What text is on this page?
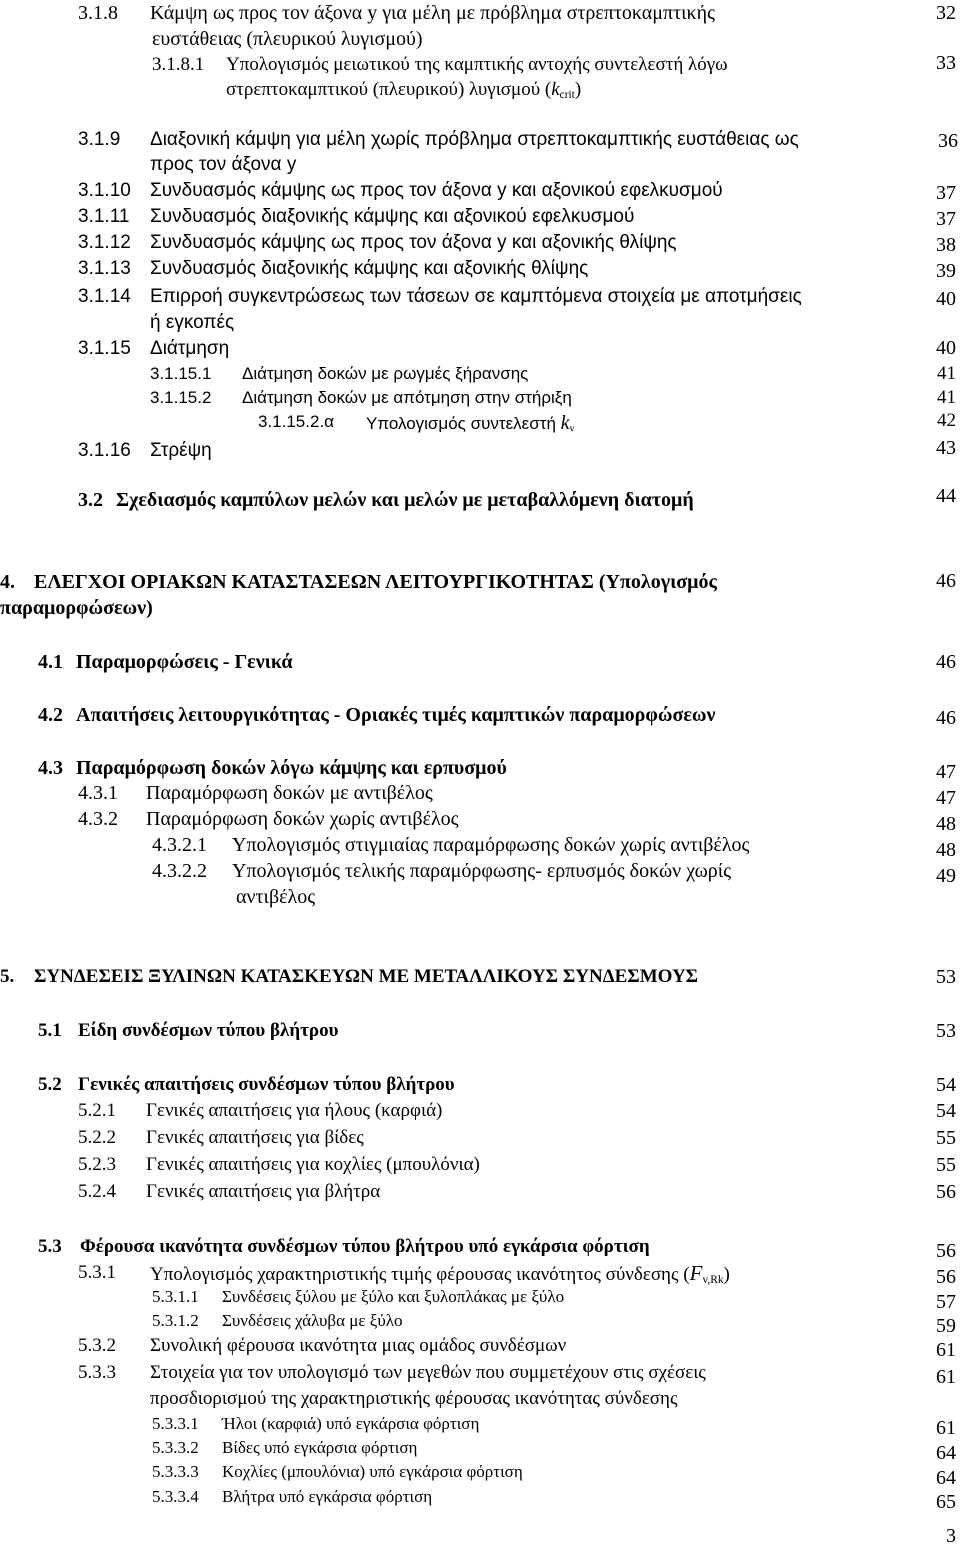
3.1.8 Κάμψη ως προς τον άξονα y για μέλη με πρόβλημα στρεπτοκαμπτικής
ευστάθειας (πλευρικού λυγισμού)
32
3.1.8.1 Υπολογισμός μειωτικού της καμπτικής αντοχής συντελεστή λόγω
στρεπτοκαμπτικού (πλευρικού) λυγισμού $(k_{crit})$
33
3.1.9 Διαξονική κάμψη για μέλη χωρίς πρόβλημα στρεπτοκαμπτικής ευστάθειας ως
προς τον άξονα y
36
3.1.10 Συνδυασμός κάμψης ως προς τον άξονα y και αξονικού εφελκυσμού	37
3.1.11 Συνδυασμός διαξονικής κάμψης και αξονικού εφελκυσμού	37
3.1.12 Συνδυασμός κάμψης ως προς τον άξονα y και αξονικής θλίψης	38
3.1.13 Συνδυασμός διαξονικής κάμψης και αξονικής θλίψης	39
3.1.14 Επιρροή συγκεντρώσεως των τάσεων σε καμπτόμενα στοιχεία με αποτμήσεις
ή εγκοπές
40
3.1.15 Διάτμηση	40
3.1.15.1 Διάτμηση δοκών με ρωγμές ξήρανσης	41
3.1.15.2 Διάτμηση δοκών με απότμηση στην στήριξη	41
3.1.15.2.α Υπολογισμός συντελεστή $k_v$	42
3.1.16 Στρέψη	43
3.2 Σχεδιασμός καμπύλων μελών και μελών με μεταβαλλόμενη διατομή	44
4. ΕΛΕΓΧΟΙ ΟΡΙΑΚΩΝ ΚΑΤΑΣΤΑΣΕΩΝ ΛΕΙΤΟΥΡΓΙΚΟΤΗΤΑΣ (Υπολογισμός
παραμορφώσεων)
46
4.1 Παραμορφώσεις - Γενικά	46
4.2 Απαιτήσεις λειτουργικότητας - Οριακές τιμές καμπτικών παραμορφώσεων	46
4.3 Παραμόρφωση δοκών λόγω κάμψης και ερπυσμού	47
4.3.1 Παραμόρφωση δοκών με αντιβέλος	47
4.3.2 Παραμόρφωση δοκών χωρίς αντιβέλος	48
4.3.2.1 Υπολογισμός στιγμιαίας παραμόρφωσης δοκών χωρίς αντιβέλος	48
4.3.2.2 Υπολογισμός τελικής παραμόρφωσης- ερπυσμός δοκών χωρίς
αντιβέλος
49
5. ΣΥΝΔΕΣΕΙΣ ΞΥΛΙΝΩΝ ΚΑΤΑΣΚΕΥΩΝ ΜΕ ΜΕΤΑΛΛΙΚΟΥΣ ΣΥΝΔΕΣΜΟΥΣ	53
5.1 Είδη συνδέσμων τύπου βλήτρου	53
5.2 Γενικές απαιτήσεις συνδέσμων τύπου βλήτρου	54
5.2.1 Γενικές απαιτήσεις για ήλους (καρφιά)	54
5.2.2 Γενικές απαιτήσεις για βίδες	55
5.2.3 Γενικές απαιτήσεις για κοχλίες (μπουλόνια)	55
5.2.4 Γενικές απαιτήσεις για βλήτρα	56
5.3 Φέρουσα ικανότητα συνδέσμων τύπου βλήτρου υπό εγκάρσια φόρτιση	56
5.3.1 Υπολογισμός χαρακτηριστικής τιμής φέρουσας ικανότητος σύνδεσης $(F_{v,Rk})$	56
5.3.1.1 Συνδέσεις ξύλου με ξύλο και ξυλοπλάκας με ξύλο	57
5.3.1.2 Συνδέσεις χάλυβα με ξύλο	59
5.3.2 Συνολική φέρουσα ικανότητα μιας ομάδος συνδέσμων	61
5.3.3 Στοιχεία για τον υπολογισμό των μεγεθών που συμμετέχουν στις σχέσεις
προσδιορισμού της χαρακτηριστικής φέρουσας ικανότητας σύνδεσης
61
5.3.3.1 Ήλοι (καρφιά) υπό εγκάρσια φόρτιση	61
5.3.3.2 Βίδες υπό εγκάρσια φόρτιση	64
5.3.3.3 Κοχλίες (μπουλόνια) υπό εγκάρσια φόρτιση	64
5.3.3.4 Βλήτρα υπό εγκάρσια φόρτιση	65
3
